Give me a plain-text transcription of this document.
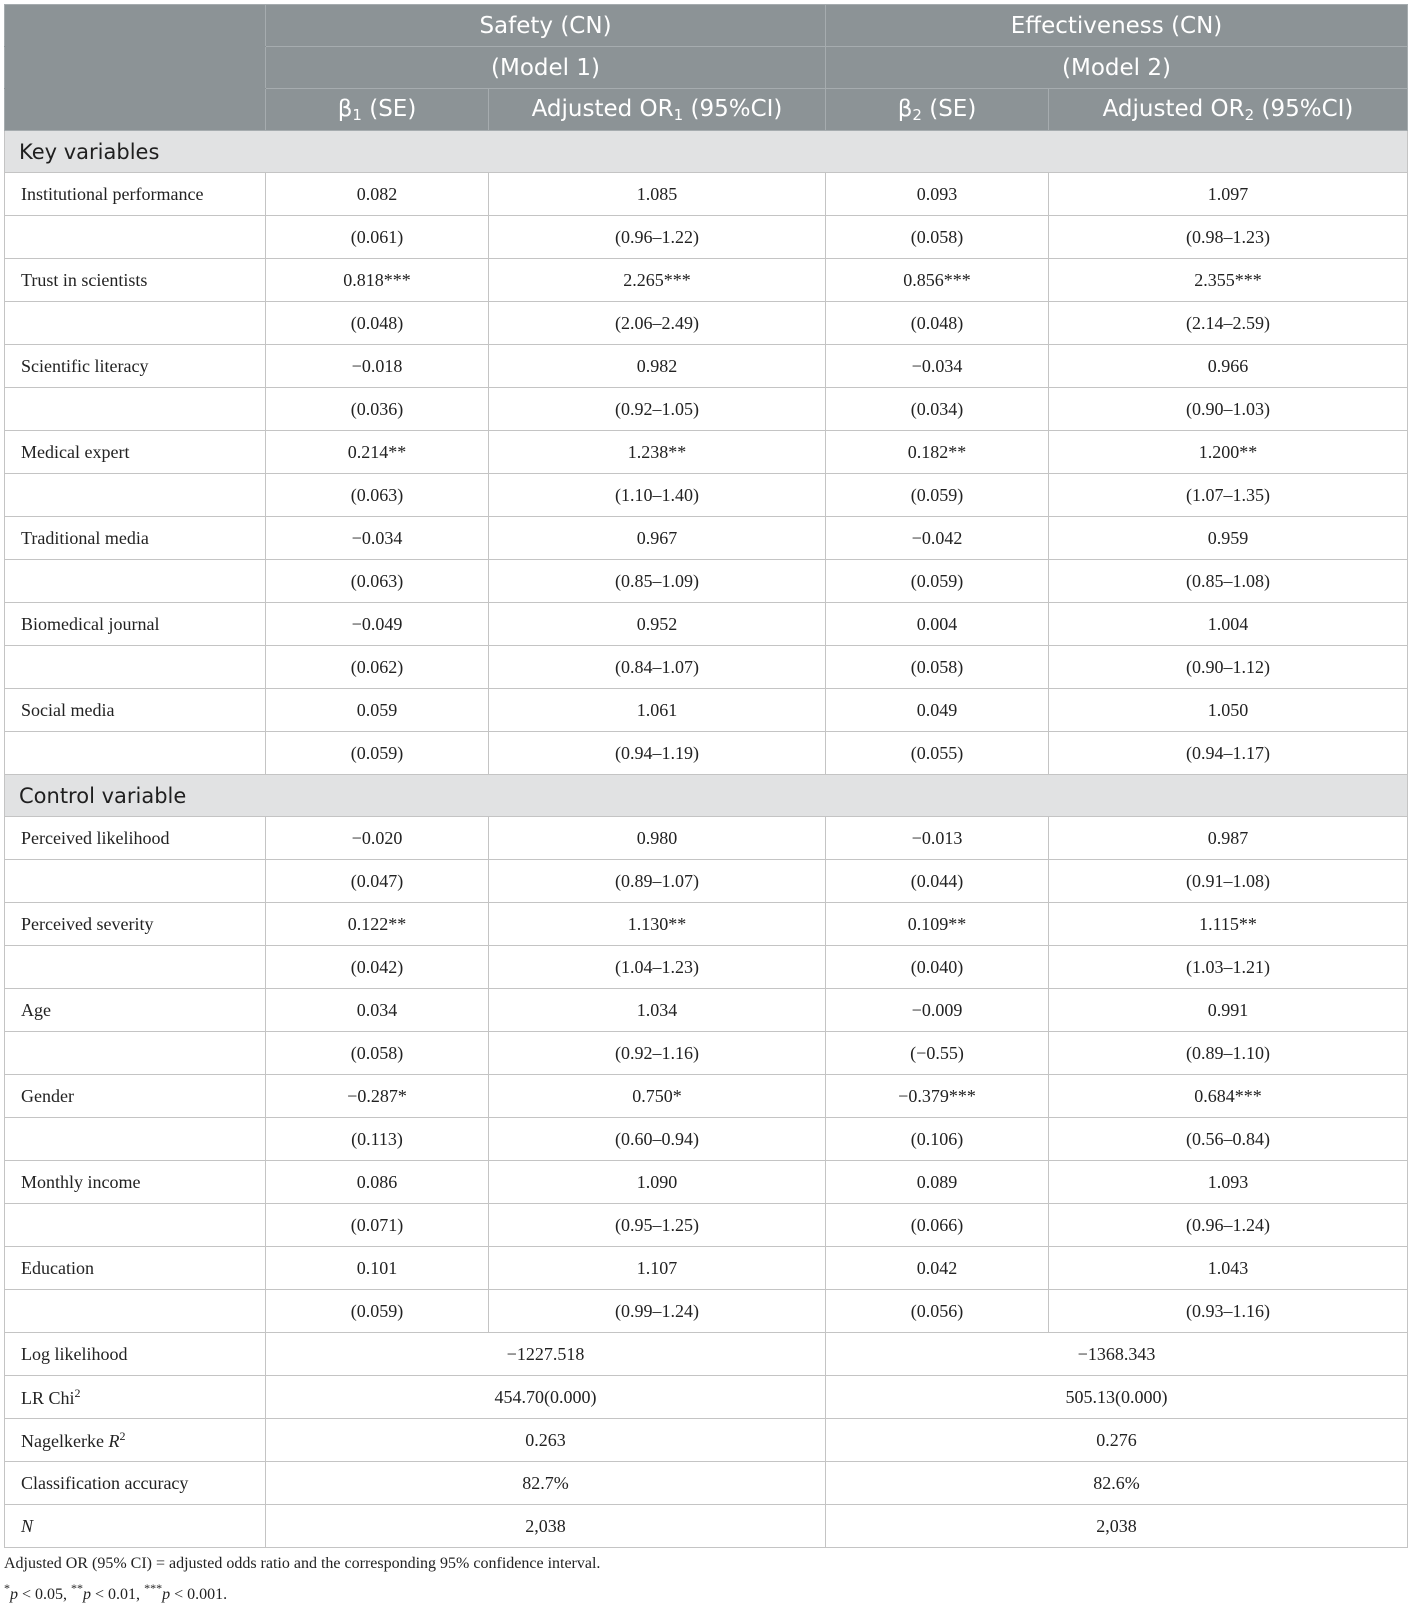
	Safety (CN)		Effectiveness (CN)	
	(Model 1)		(Model 2)	
	$\beta_1$ (SE)	Adjusted $OR_1$ (95%CI)	$\beta_2$ (SE)	Adjusted $OR_2$ (95%CI)
Key variables				
Institutional performance	0.082	1.085	0.093	1.097
	(0.061)	(0.96–1.22)	(0.058)	(0.98–1.23)
Trust in scientists	0.818***	2.265***	0.856***	2.355***
	(0.048)	(2.06–2.49)	(0.048)	(2.14–2.59)
Scientific literacy	−0.018	0.982	−0.034	0.966
	(0.036)	(0.92–1.05)	(0.034)	(0.90–1.03)
Medical expert	0.214**	1.238**	0.182**	1.200**
	(0.063)	(1.10–1.40)	(0.059)	(1.07–1.35)
Traditional media	−0.034	0.967	−0.042	0.959
	(0.063)	(0.85–1.09)	(0.059)	(0.85–1.08)
Biomedical journal	−0.049	0.952	0.004	1.004
	(0.062)	(0.84–1.07)	(0.058)	(0.90–1.12)
Social media	0.059	1.061	0.049	1.050
	(0.059)	(0.94–1.19)	(0.055)	(0.94–1.17)
Control variable				
Perceived likelihood	−0.020	0.980	−0.013	0.987
	(0.047)	(0.89–1.07)	(0.044)	(0.91–1.08)
Perceived severity	0.122**	1.130**	0.109**	1.115**
	(0.042)	(1.04–1.23)	(0.040)	(1.03–1.21)
Age	0.034	1.034	−0.009	0.991
	(0.058)	(0.92–1.16)	(−0.55)	(0.89–1.10)
Gender	−0.287*	0.750*	−0.379***	0.684***
	(0.113)	(0.60–0.94)	(0.106)	(0.56–0.84)
Monthly income	0.086	1.090	0.089	1.093
	(0.071)	(0.95–1.25)	(0.066)	(0.96–1.24)
Education	0.101	1.107	0.042	1.043
	(0.059)	(0.99–1.24)	(0.056)	(0.93–1.16)
Log likelihood	−1227.518		−1368.343	
LR Chi$^2$	454.70(0.000)		505.13(0.000)	
Nagelkerke $R^2$	0.263		0.276	
Classification accuracy	82.7%		82.6%	
N	2,038		2,038	
Adjusted OR (95% CI) = adjusted odds ratio and the corresponding 95% confidence interval.
*p < 0.05, **p < 0.01, ***p < 0.001.
